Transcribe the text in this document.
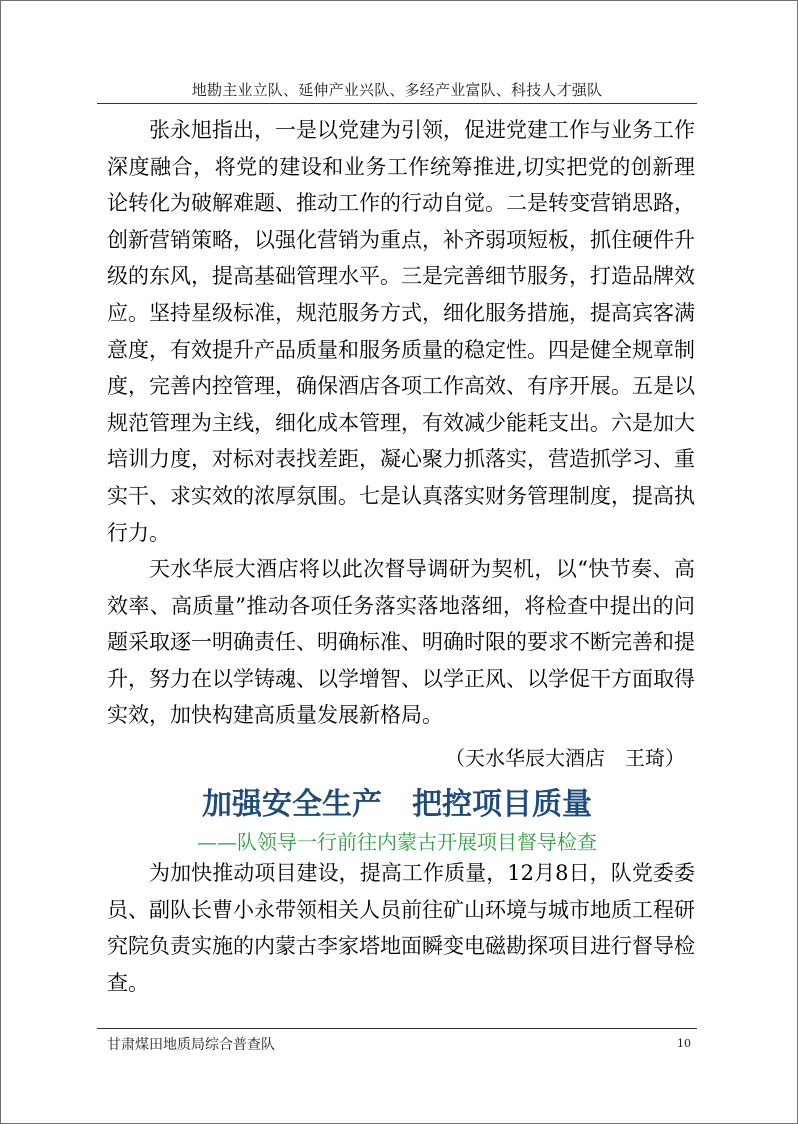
地勘主业立队、延伸产业兴队、多经产业富队、科技人才强队

张永旭指出，一是以党建为引领，促进党建工作与业务工作深度融合，将党的建设和业务工作统筹推进,切实把党的创新理论转化为破解难题、推动工作的行动自觉。二是转变营销思路，创新营销策略，以强化营销为重点，补齐弱项短板，抓住硬件升级的东风，提高基础管理水平。三是完善细节服务，打造品牌效应。坚持星级标准，规范服务方式，细化服务措施，提高宾客满意度，有效提升产品质量和服务质量的稳定性。四是健全规章制度，完善内控管理，确保酒店各项工作高效、有序开展。五是以规范管理为主线，细化成本管理，有效减少能耗支出。六是加大培训力度，对标对表找差距，凝心聚力抓落实，营造抓学习、重实干、求实效的浓厚氛围。七是认真落实财务管理制度，提高执行力。

天水华辰大酒店将以此次督导调研为契机，以“快节奏、高效率、高质量”推动各项任务落实落地落细，将检查中提出的问题采取逐一明确责任、明确标准、明确时限的要求不断完善和提升，努力在以学铸魂、以学增智、以学正风、以学促干方面取得实效，加快构建高质量发展新格局。

（天水华辰大酒店　王琦）
加强安全生产　把控项目质量
——队领导一行前往内蒙古开展项目督导检查

为加快推动项目建设，提高工作质量，12月8日，队党委委员、副队长曹小永带领相关人员前往矿山环境与城市地质工程研究院负责实施的内蒙古李家塔地面瞬变电磁勘探项目进行督导检查。

甘肃煤田地质局综合普查队	10
